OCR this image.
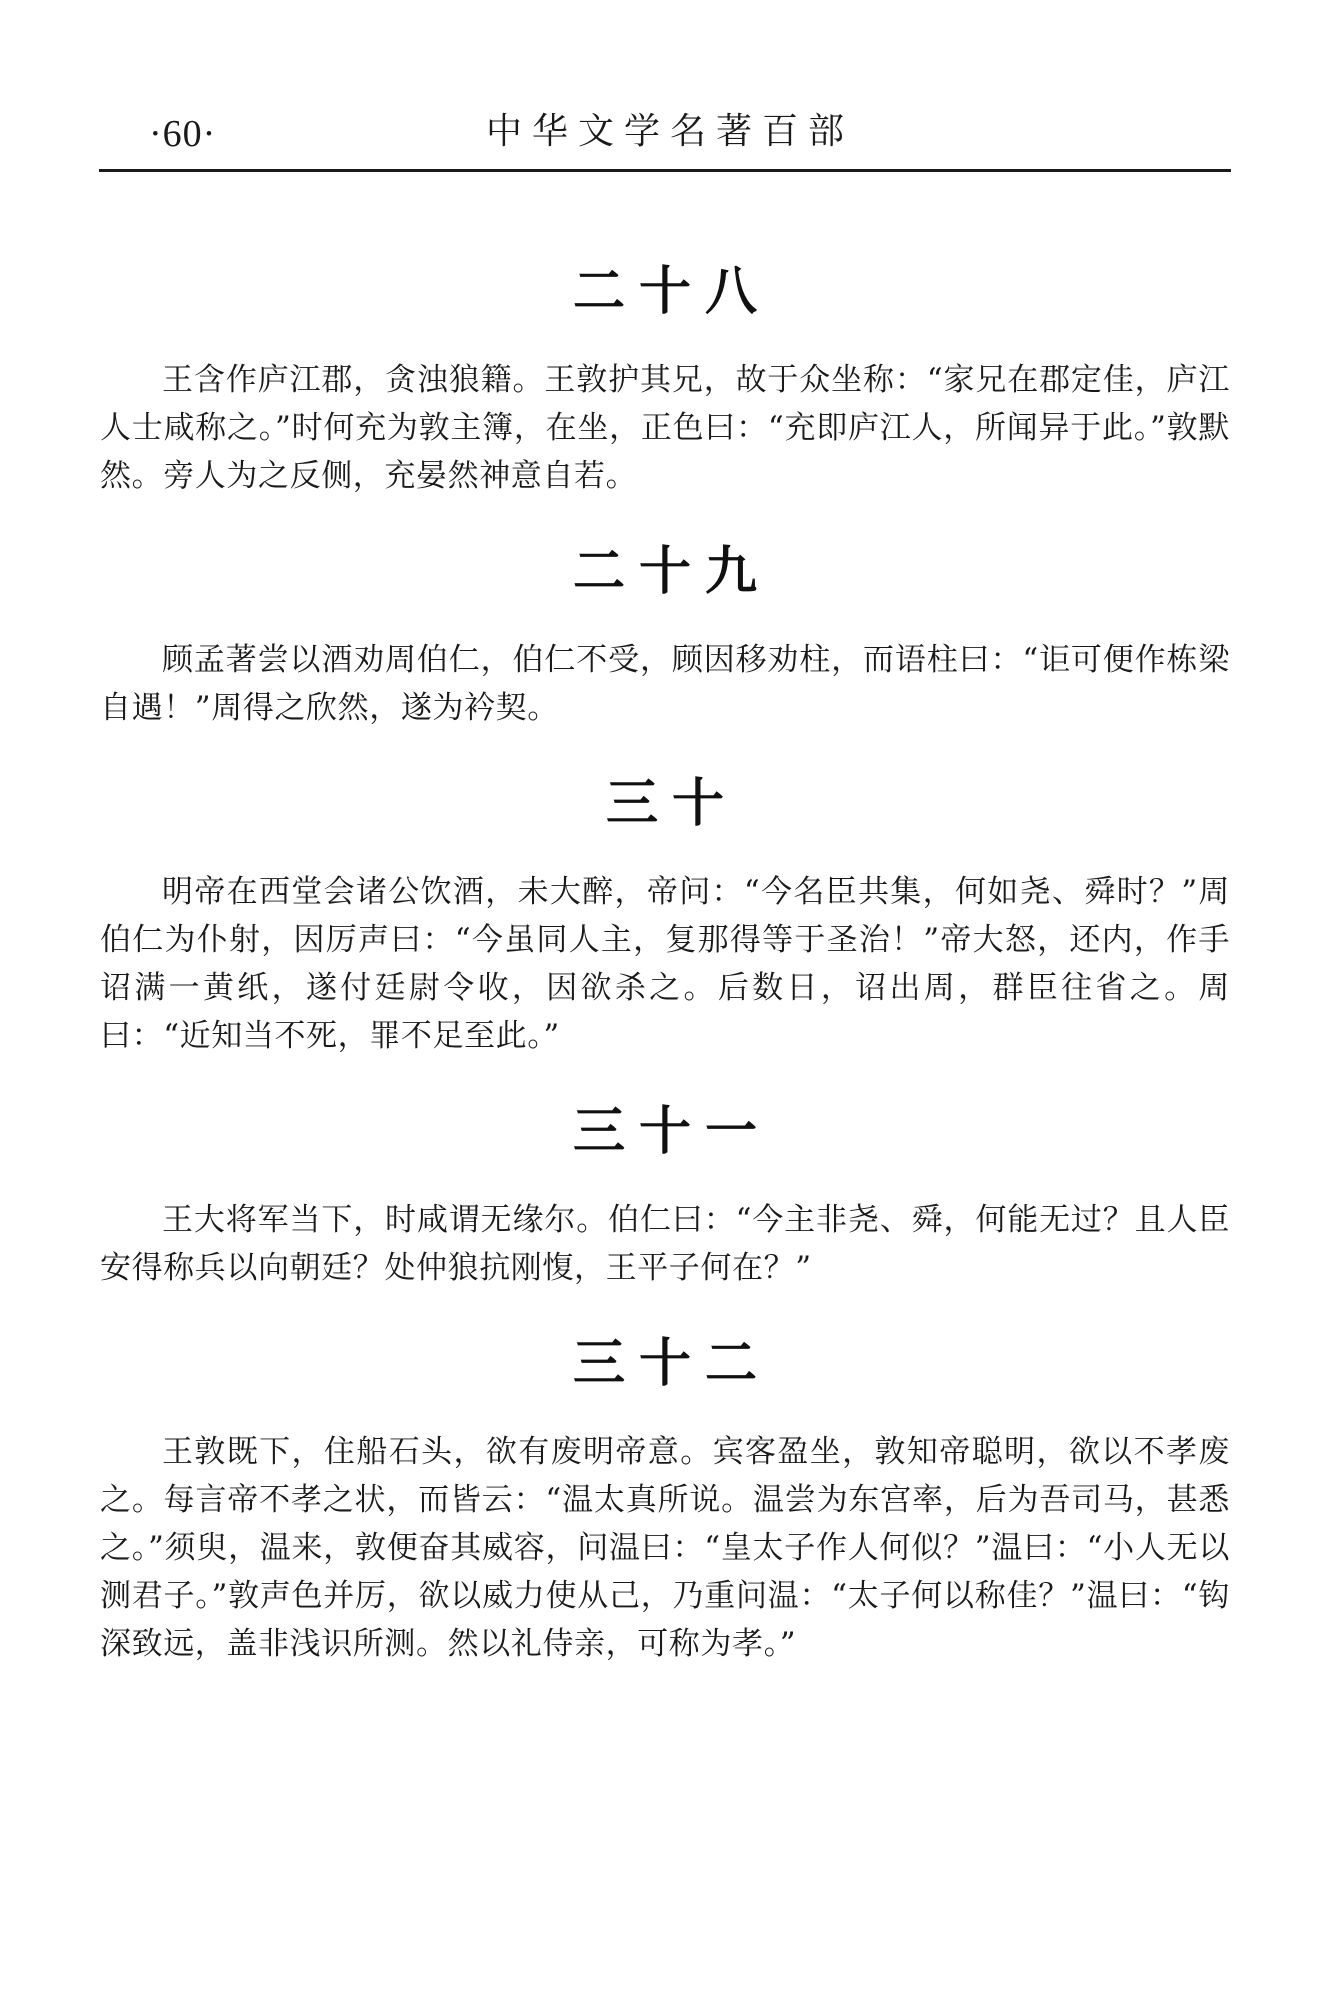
·60·	中华文学名著百部
二十八

王含作庐江郡，贪浊狼籍。王敦护其兄，故于众坐称：“家兄在郡定佳，庐江人士咸称之。”时何充为敦主簿，在坐，正色曰：“充即庐江人，所闻异于此。”敦默然。旁人为之反侧，充晏然神意自若。

二十九

顾孟著尝以酒劝周伯仁，伯仁不受，顾因移劝柱，而语柱曰：“讵可便作栋梁自遇！”周得之欣然，遂为衿契。

三十

明帝在西堂会诸公饮酒，未大醉，帝问：“今名臣共集，何如尧、舜时？”周伯仁为仆射，因厉声曰：“今虽同人主，复那得等于圣治！”帝大怒，还内，作手诏满一黄纸，遂付廷尉令收，因欲杀之。后数日，诏出周，群臣往省之。周曰：“近知当不死，罪不足至此。”

三十一

王大将军当下，时咸谓无缘尔。伯仁曰：“今主非尧、舜，何能无过？且人臣安得称兵以向朝廷？处仲狼抗刚愎，王平子何在？”

三十二

王敦既下，住船石头，欲有废明帝意。宾客盈坐，敦知帝聪明，欲以不孝废之。每言帝不孝之状，而皆云：“温太真所说。温尝为东宫率，后为吾司马，甚悉之。”须臾，温来，敦便奋其威容，问温曰：“皇太子作人何似？”温曰：“小人无以测君子。”敦声色并厉，欲以威力使从己，乃重问温：“太子何以称佳？”温曰：“钩深致远，盖非浅识所测。然以礼侍亲，可称为孝。”
